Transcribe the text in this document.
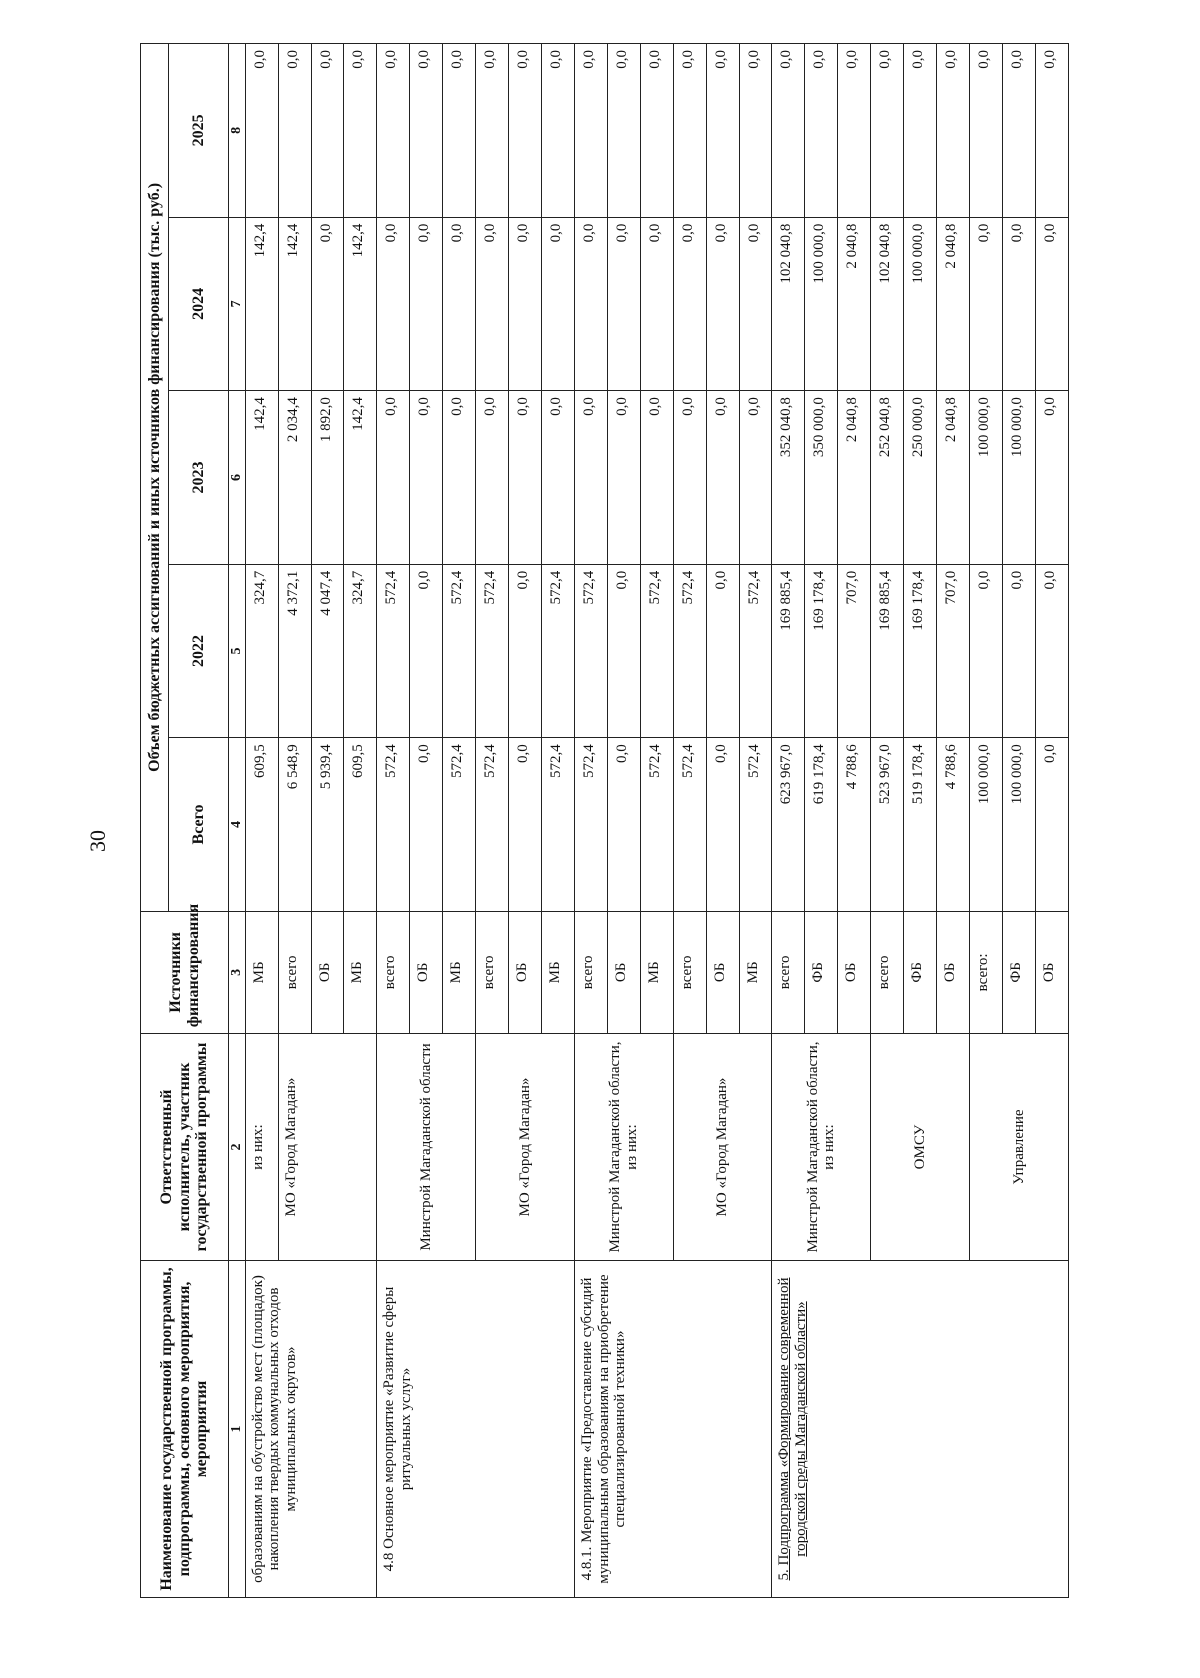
30
Наименование государственной программы, подпрограммы, основного мероприятия, мероприятия	Ответственный исполнитель, участник государственной программы	Источники финансирования	Объем бюджетных ассигнований и иных источников финансирования (тыс. руб.)				
			Всего	2022	2023	2024	2025
1	2	3	4	5	6	7	8
образованиям на обустройство мест (площадок) накопления твердых коммунальных отходов муниципальных округов»	из них:	МБ	609,5	324,7	142,4	142,4	0,0
	МО «Город Магадан»	всего	6 548,9	4 372,1	2 034,4	142,4	0,0
		ОБ	5 939,4	4 047,4	1 892,0	0,0	0,0
		МБ	609,5	324,7	142,4	142,4	0,0
4.8 Основное мероприятие «Развитие сферы ритуальных услуг»	Минстрой Магаданской области	всего	572,4	572,4	0,0	0,0	0,0
		ОБ	0,0	0,0	0,0	0,0	0,0
		МБ	572,4	572,4	0,0	0,0	0,0
	МО «Город Магадан»	всего	572,4	572,4	0,0	0,0	0,0
		ОБ	0,0	0,0	0,0	0,0	0,0
		МБ	572,4	572,4	0,0	0,0	0,0
4.8.1. Мероприятие «Предоставление субсидий муниципальным образованиям на приобретение специализированной техники»	Минстрой Магаданской области, из них:	всего	572,4	572,4	0,0	0,0	0,0
		ОБ	0,0	0,0	0,0	0,0	0,0
		МБ	572,4	572,4	0,0	0,0	0,0
	МО «Город Магадан»	всего	572,4	572,4	0,0	0,0	0,0
		ОБ	0,0	0,0	0,0	0,0	0,0
		МБ	572,4	572,4	0,0	0,0	0,0
5. Подпрограмма «Формирование современной городской среды Магаданской области»	Минстрой Магаданской области, из них:	всего	623 967,0	169 885,4	352 040,8	102 040,8	0,0
		ФБ	619 178,4	169 178,4	350 000,0	100 000,0	0,0
		ОБ	4 788,6	707,0	2 040,8	2 040,8	0,0
	ОМСУ	всего	523 967,0	169 885,4	252 040,8	102 040,8	0,0
		ФБ	519 178,4	169 178,4	250 000,0	100 000,0	0,0
		ОБ	4 788,6	707,0	2 040,8	2 040,8	0,0
	Управление	всего:	100 000,0	0,0	100 000,0	0,0	0,0
		ФБ	100 000,0	0,0	100 000,0	0,0	0,0
		ОБ	0,0	0,0	0,0	0,0	0,0
